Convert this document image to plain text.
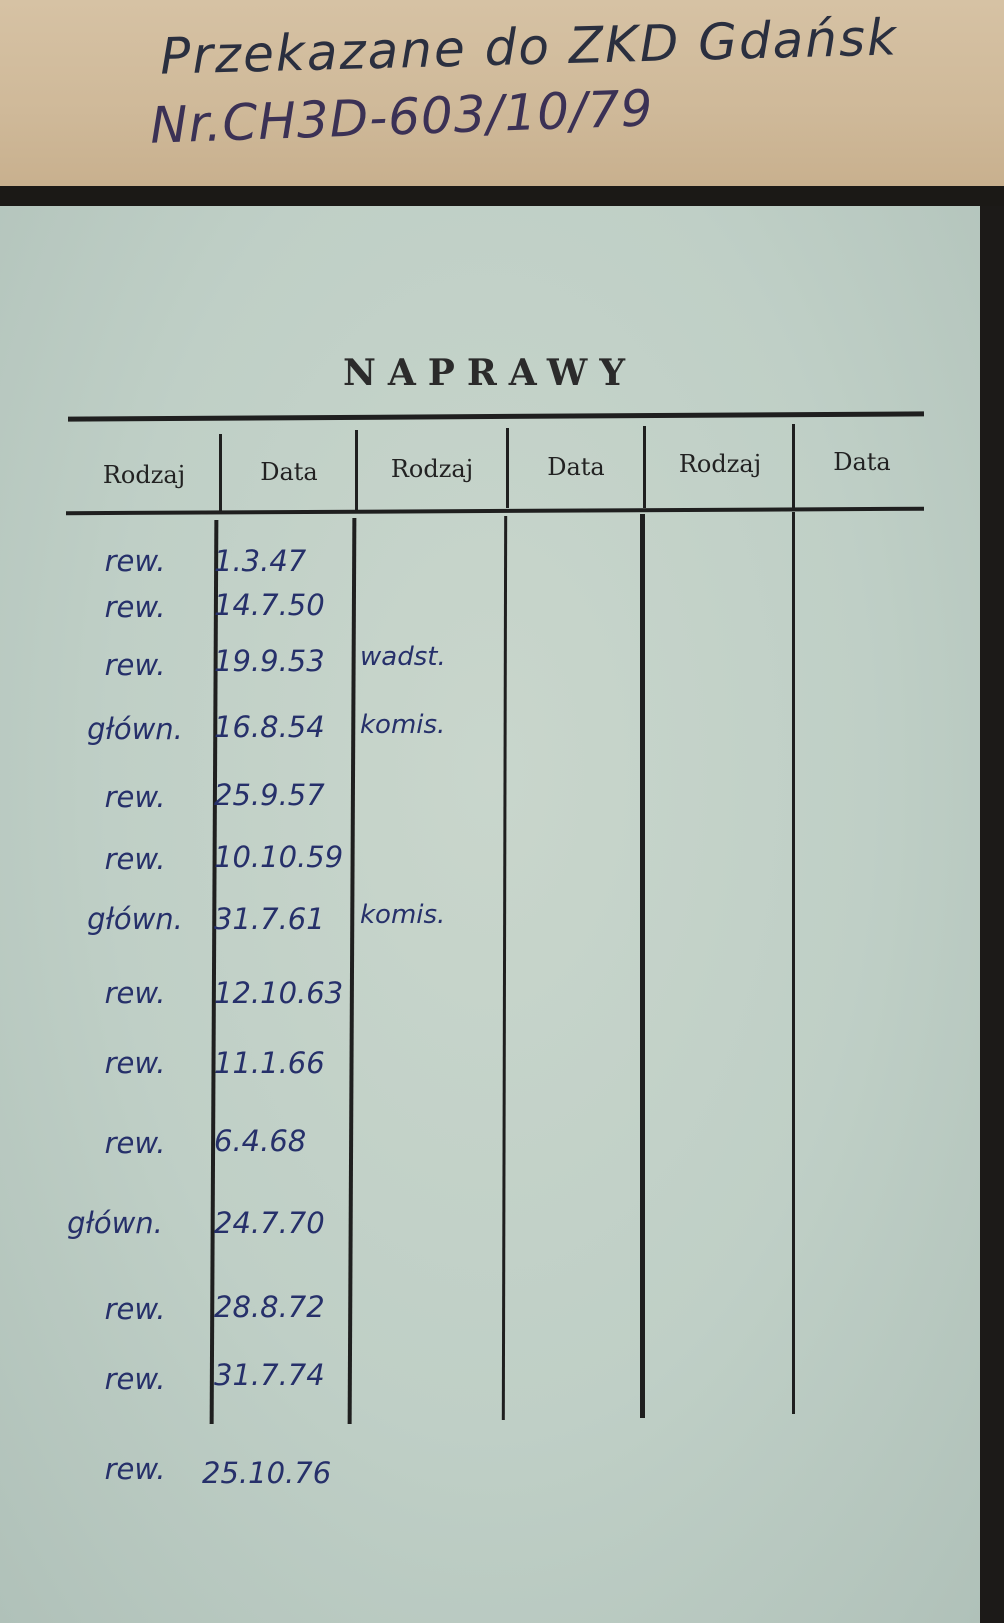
Przekazane do ZKD Gdańsk
Nr.CH3D-603/10/79
NAPRAWY
Rodzaj	Data	Rodzaj	Data	Rodzaj	Data
rew.	1.3.47
rew.	14.7.50
rew.	19.9.53	wadst.
główn.	16.8.54	komis.
rew.	25.9.57
rew.	10.10.59
główn.	31.7.61	komis.
rew.	12.10.63
rew.	11.1.66
rew.	6.4.68
główn.	24.7.70
rew.	28.8.72
rew.	31.7.74
rew.	25.10.76
